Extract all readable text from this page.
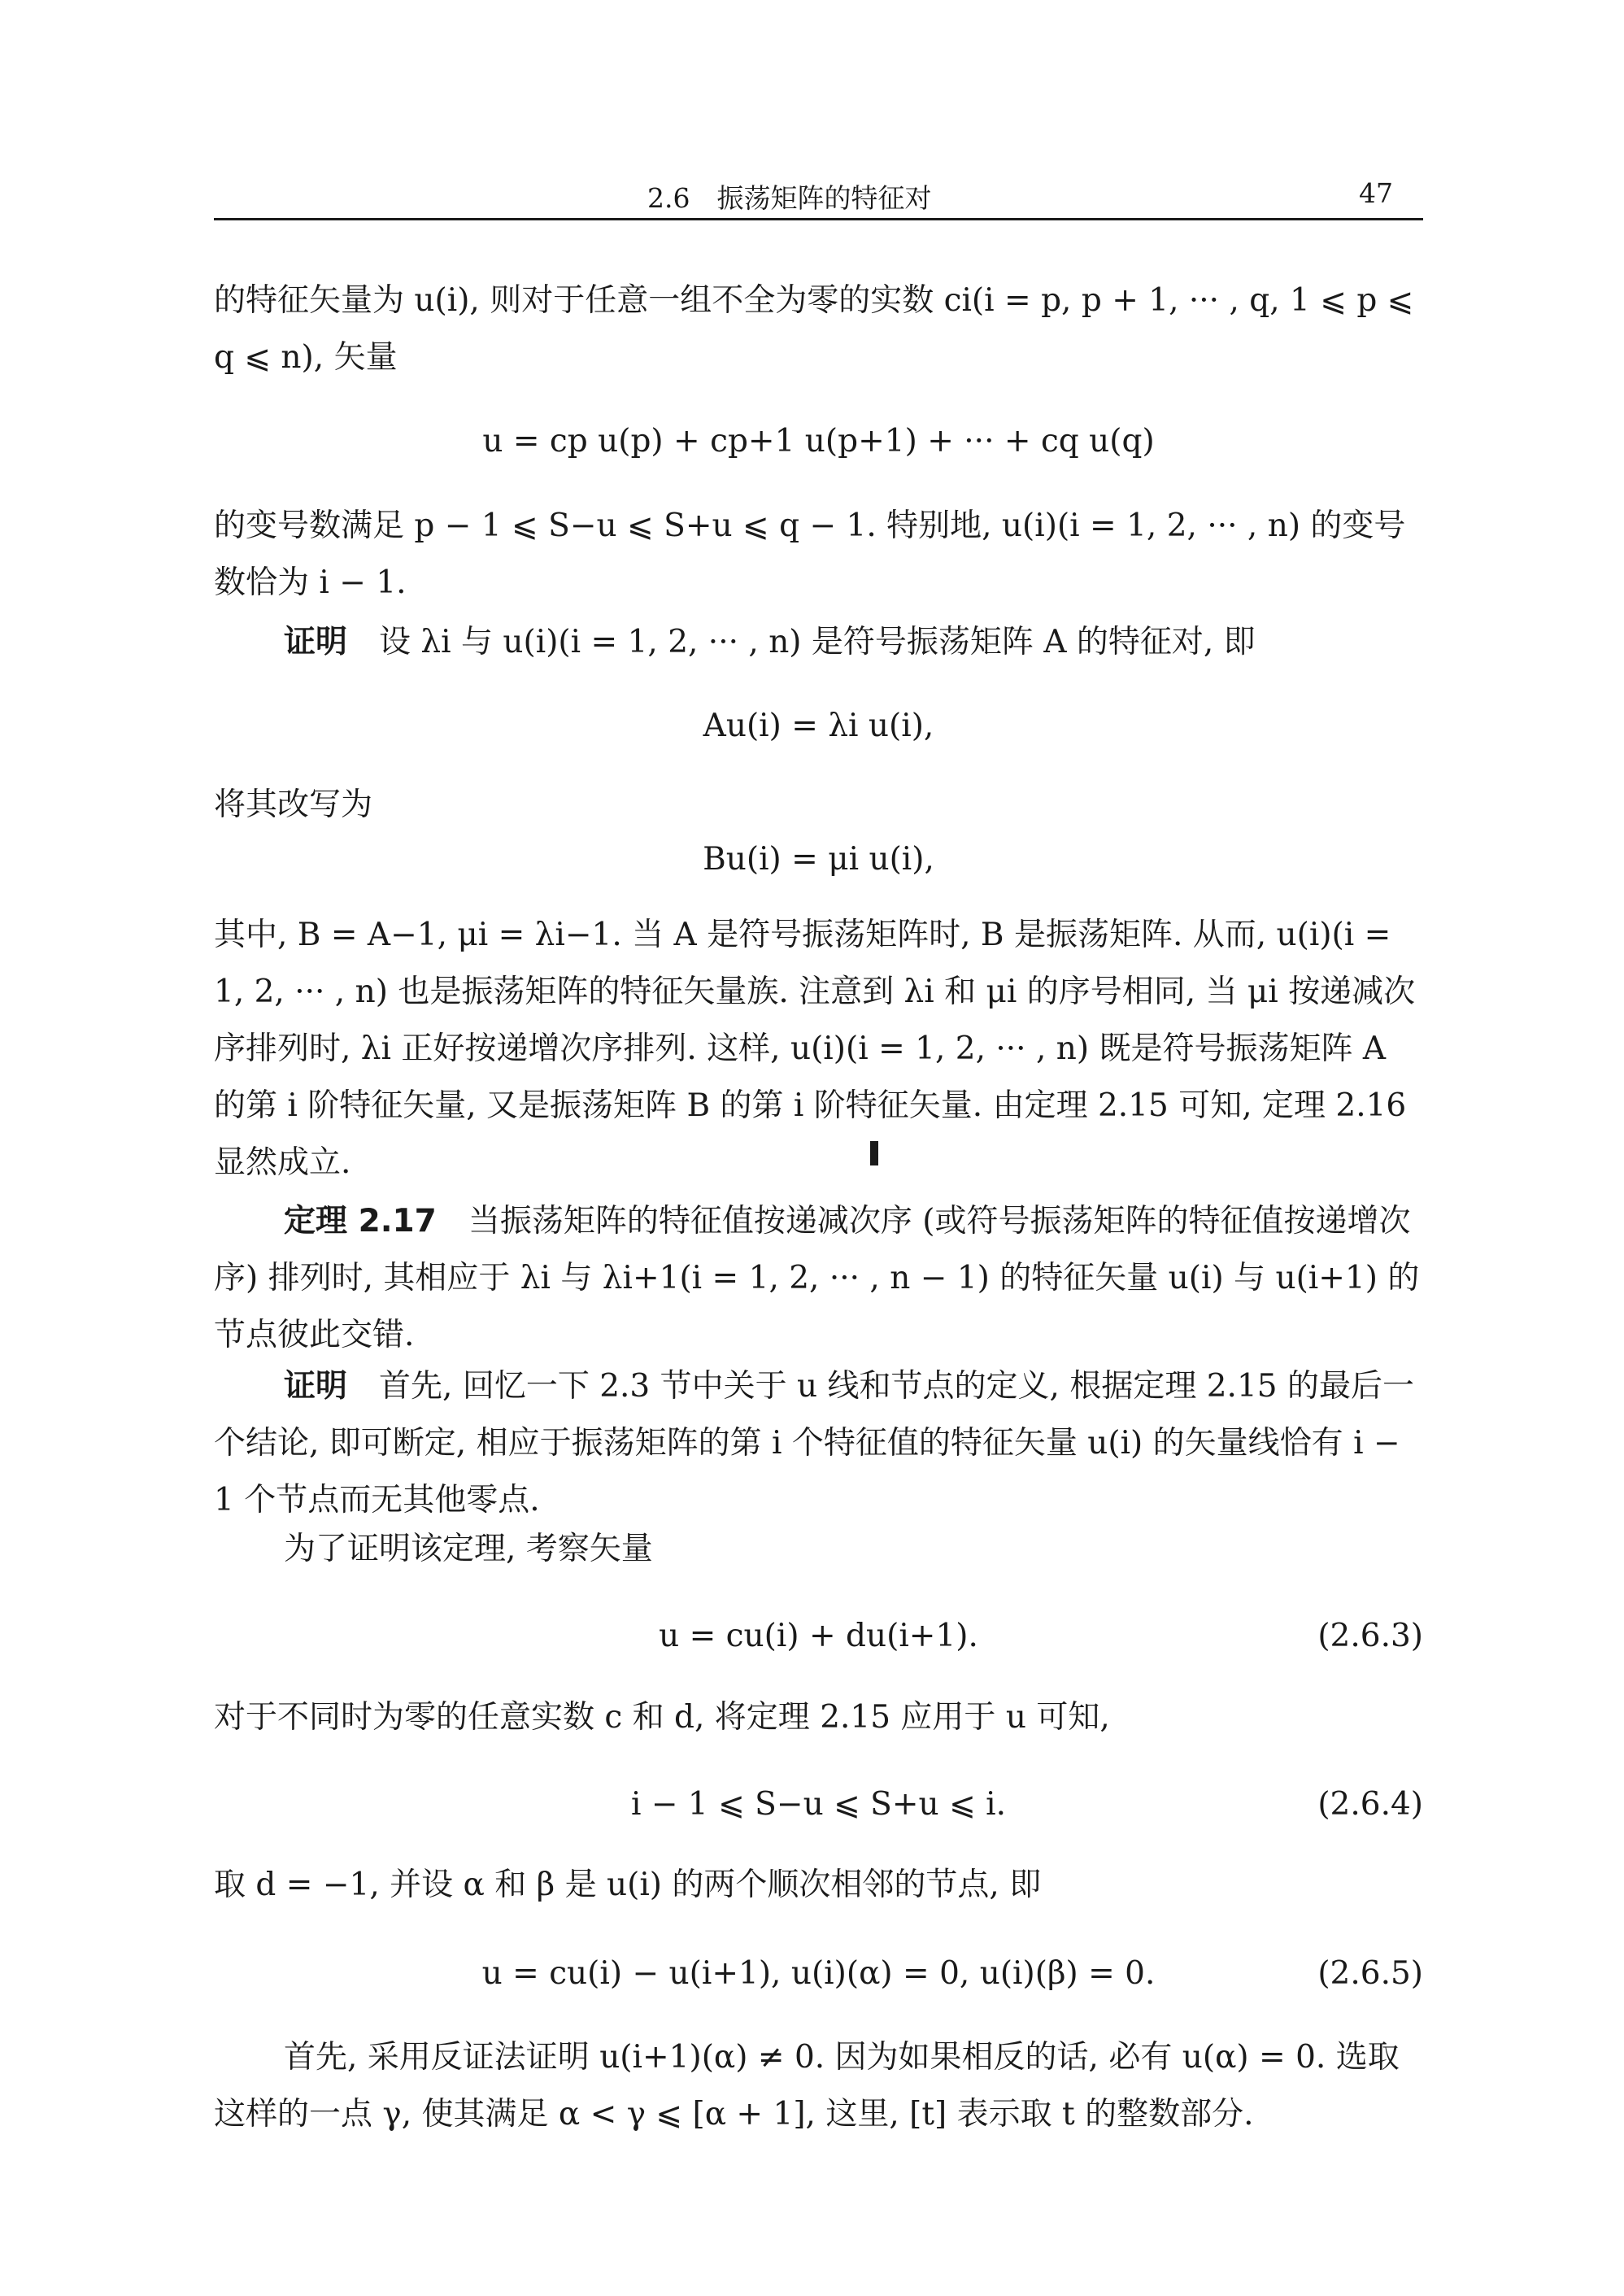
2.6　振荡矩阵的特征对	47

的特征矢量为 u(i), 则对于任意一组不全为零的实数 ci(i = p, p + 1, ··· , q, 1 ⩽ p ⩽ q ⩽ n), 矢量

u = cp u(p) + cp+1 u(p+1) + ··· + cq u(q)

的变号数满足 p − 1 ⩽ S−u ⩽ S+u ⩽ q − 1. 特别地, u(i)(i = 1, 2, ··· , n) 的变号数恰为 i − 1.

证明　 设 λi 与 u(i)(i = 1, 2, ··· , n) 是符号振荡矩阵 A 的特征对, 即

Au(i) = λi u(i),

将其改写为

Bu(i) = μi u(i),

其中, B = A−1, μi = λi−1. 当 A 是符号振荡矩阵时, B 是振荡矩阵. 从而, u(i)(i = 1, 2, ··· , n) 也是振荡矩阵的特征矢量族. 注意到 λi 和 μi 的序号相同, 当 μi 按递减次序排列时, λi 正好按递增次序排列. 这样, u(i)(i = 1, 2, ··· , n) 既是符号振荡矩阵 A 的第 i 阶特征矢量, 又是振荡矩阵 B 的第 i 阶特征矢量. 由定理 2.15 可知, 定理 2.16 显然成立.

定理 2.17　 当振荡矩阵的特征值按递减次序 (或符号振荡矩阵的特征值按递增次序) 排列时, 其相应于 λi 与 λi+1(i = 1, 2, ··· , n − 1) 的特征矢量 u(i) 与 u(i+1) 的节点彼此交错.

证明　 首先, 回忆一下 2.3 节中关于 u 线和节点的定义, 根据定理 2.15 的最后一个结论, 即可断定, 相应于振荡矩阵的第 i 个特征值的特征矢量 u(i) 的矢量线恰有 i − 1 个节点而无其他零点.

为了证明该定理, 考察矢量

u = cu(i) + du(i+1).	(2.6.3)

对于不同时为零的任意实数 c 和 d, 将定理 2.15 应用于 u 可知,

i − 1 ⩽ S−u ⩽ S+u ⩽ i.	(2.6.4)

取 d = −1, 并设 α 和 β 是 u(i) 的两个顺次相邻的节点, 即

u = cu(i) − u(i+1), u(i)(α) = 0, u(i)(β) = 0.	(2.6.5)

首先, 采用反证法证明 u(i+1)(α) ≠ 0. 因为如果相反的话, 必有 u(α) = 0. 选取这样的一点 γ, 使其满足 α < γ ⩽ [α + 1], 这里, [t] 表示取 t 的整数部分.
